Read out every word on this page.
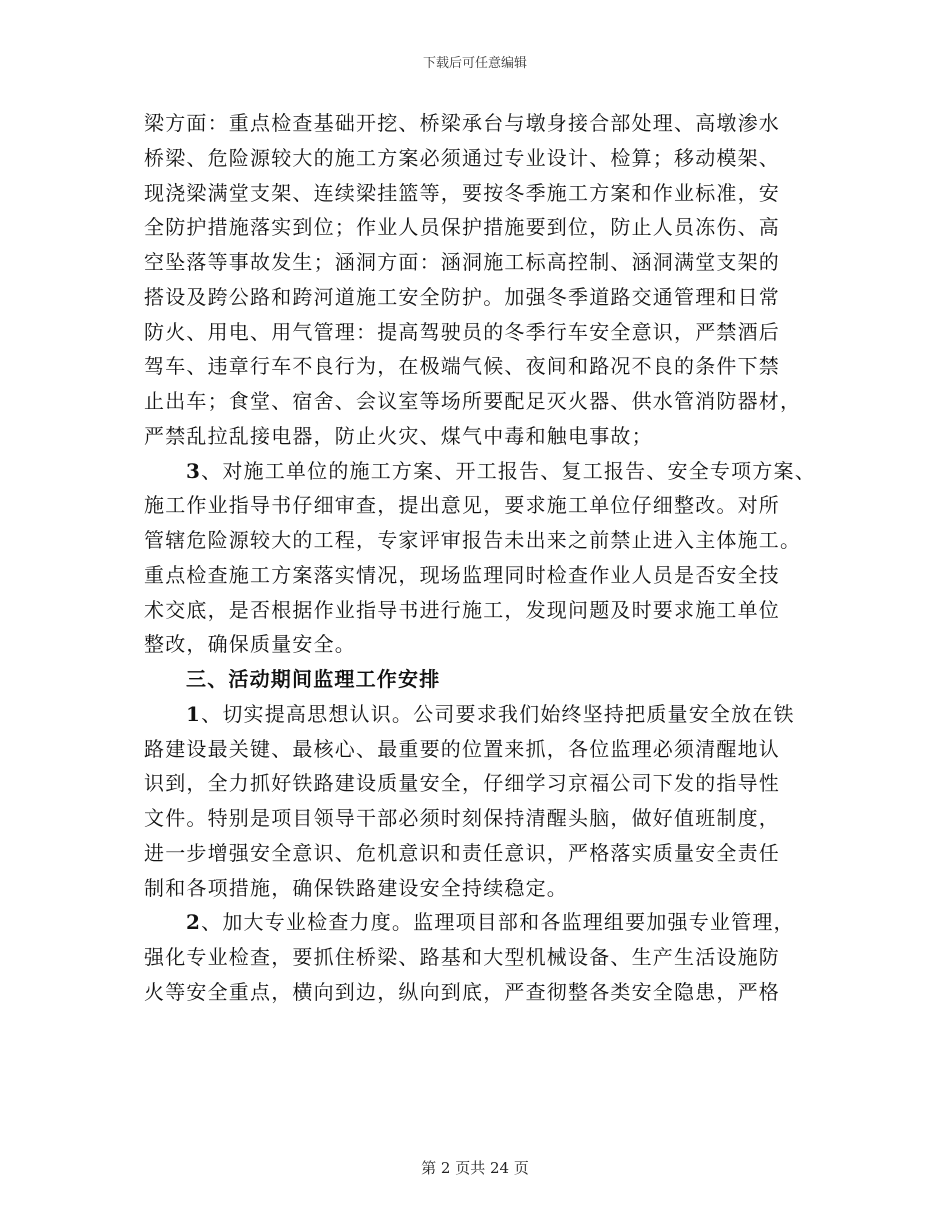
下载后可任意编辑
梁方面：重点检查基础开挖、桥梁承台与墩身接合部处理、高墩渗水
桥梁、危险源较大的施工方案必须通过专业设计、检算；移动模架、
现浇梁满堂支架、连续梁挂篮等，要按冬季施工方案和作业标准，安
全防护措施落实到位；作业人员保护措施要到位，防止人员冻伤、高
空坠落等事故发生；涵洞方面：涵洞施工标高控制、涵洞满堂支架的
搭设及跨公路和跨河道施工安全防护。加强冬季道路交通管理和日常
防火、用电、用气管理：提高驾驶员的冬季行车安全意识，严禁酒后
驾车、违章行车不良行为，在极端气候、夜间和路况不良的条件下禁
止出车；食堂、宿舍、会议室等场所要配足灭火器、供水管消防器材，
严禁乱拉乱接电器，防止火灾、煤气中毒和触电事故；
3、对施工单位的施工方案、开工报告、复工报告、安全专项方案、
施工作业指导书仔细审查，提出意见，要求施工单位仔细整改。对所
管辖危险源较大的工程，专家评审报告未出来之前禁止进入主体施工。
重点检查施工方案落实情况，现场监理同时检查作业人员是否安全技
术交底，是否根据作业指导书进行施工，发现问题及时要求施工单位
整改，确保质量安全。
三、活动期间监理工作安排
1、切实提高思想认识。公司要求我们始终坚持把质量安全放在铁
路建设最关键、最核心、最重要的位置来抓，各位监理必须清醒地认
识到，全力抓好铁路建设质量安全，仔细学习京福公司下发的指导性
文件。特别是项目领导干部必须时刻保持清醒头脑，做好值班制度，
进一步增强安全意识、危机意识和责任意识，严格落实质量安全责任
制和各项措施，确保铁路建设安全持续稳定。
2、加大专业检查力度。监理项目部和各监理组要加强专业管理，
强化专业检查，要抓住桥梁、路基和大型机械设备、生产生活设施防
火等安全重点，横向到边，纵向到底，严查彻整各类安全隐患，严格
第 2 页共 24 页
